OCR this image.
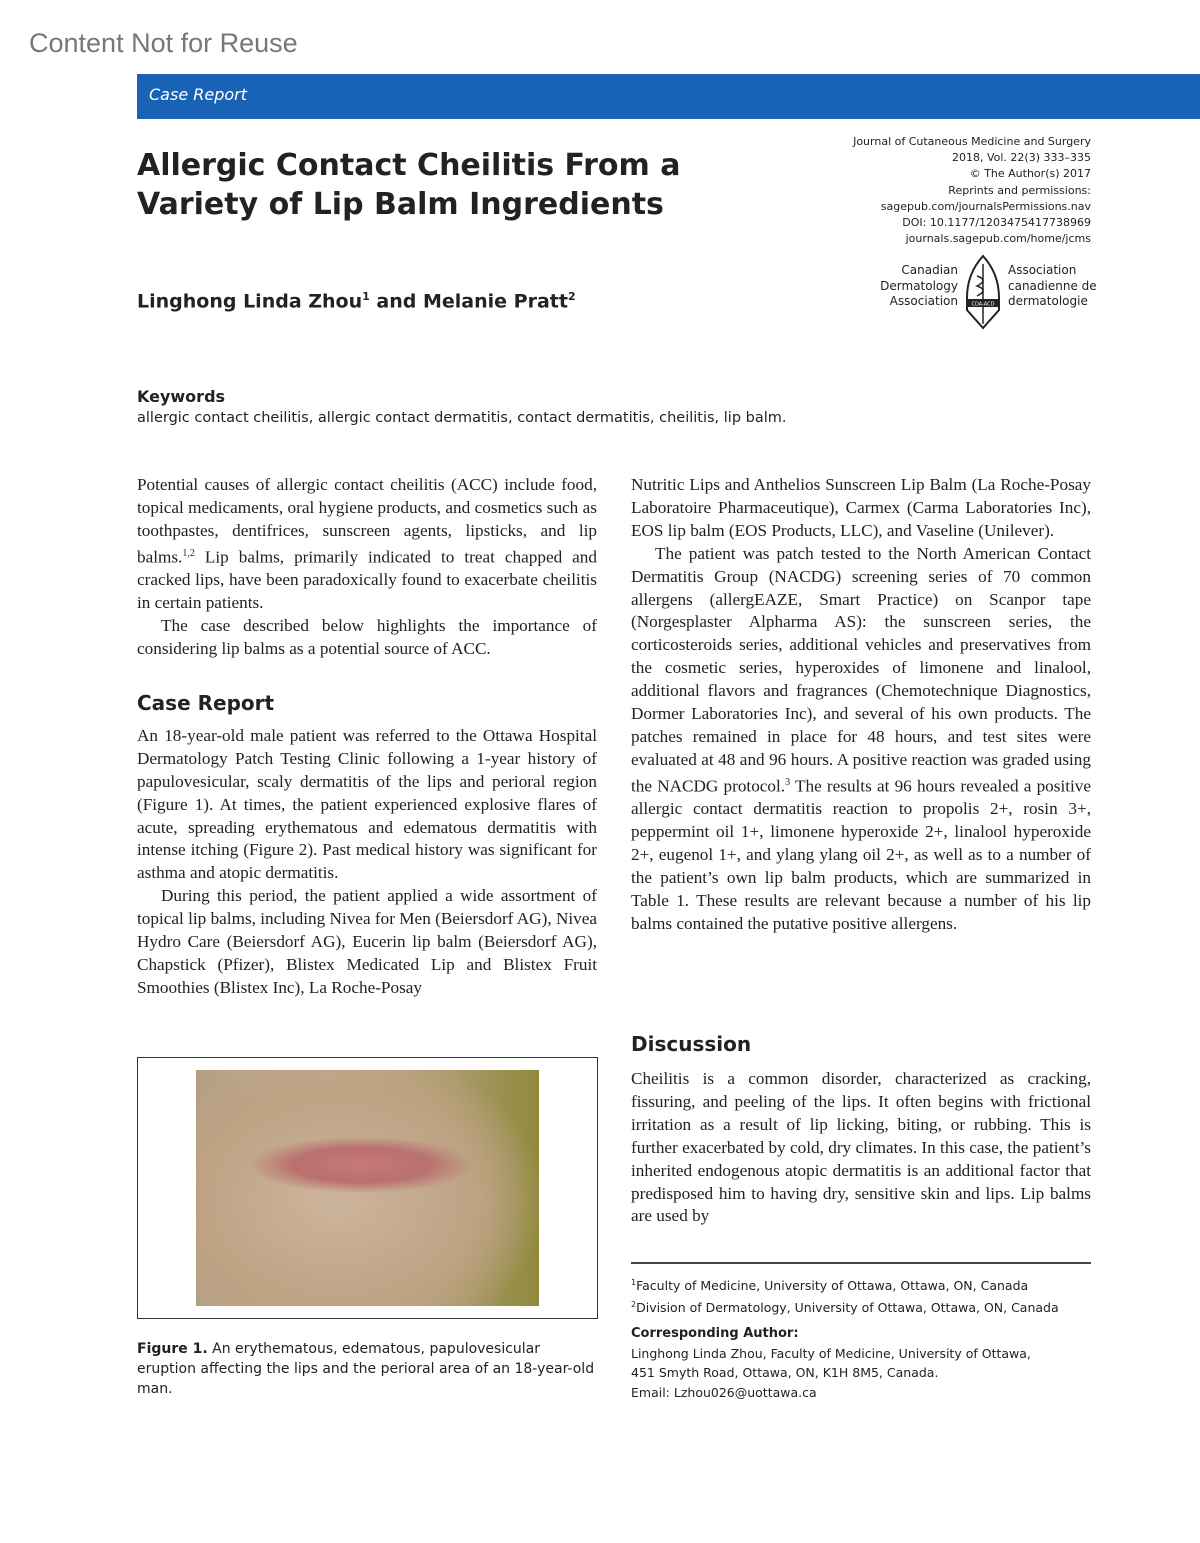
Content Not for Reuse
Case Report
Allergic Contact Cheilitis From a Variety of Lip Balm Ingredients
Linghong Linda Zhou$^1$ and Melanie Pratt$^2$
Journal of Cutaneous Medicine and Surgery
2018, Vol. 22(3) 333–335
© The Author(s) 2017
Reprints and permissions:
sagepub.com/journalsPermissions.nav
DOI: 10.1177/1203475417738969
journals.sagepub.com/home/jcms
Canadian
Dermatology
Association	CDA-ACD
Association
canadienne de
dermatologie
Keywords
allergic contact cheilitis, allergic contact dermatitis, contact dermatitis, cheilitis, lip balm.

Potential causes of allergic contact cheilitis (ACC) include food, topical medicaments, oral hygiene products, and cosmetics such as toothpastes, dentifrices, sunscreen agents, lipsticks, and lip balms.$^{1,2}$ Lip balms, primarily indicated to treat chapped and cracked lips, have been paradoxically found to exacerbate cheilitis in certain patients.

The case described below highlights the importance of considering lip balms as a potential source of ACC.

Case Report

An 18-year-old male patient was referred to the Ottawa Hospital Dermatology Patch Testing Clinic following a 1-year history of papulovesicular, scaly dermatitis of the lips and perioral region (Figure 1). At times, the patient experienced explosive flares of acute, spreading erythematous and edematous dermatitis with intense itching (Figure 2). Past medical history was significant for asthma and atopic dermatitis.

During this period, the patient applied a wide assortment of topical lip balms, including Nivea for Men (Beiersdorf AG), Nivea Hydro Care (Beiersdorf AG), Eucerin lip balm (Beiersdorf AG), Chapstick (Pfizer), Blistex Medicated Lip and Blistex Fruit Smoothies (Blistex Inc), La Roche-Posay

Nutritic Lips and Anthelios Sunscreen Lip Balm (La Roche-Posay Laboratoire Pharmaceutique), Carmex (Carma Laboratories Inc), EOS lip balm (EOS Products, LLC), and Vaseline (Unilever).

The patient was patch tested to the North American Contact Dermatitis Group (NACDG) screening series of 70 common allergens (allergEAZE, Smart Practice) on Scanpor tape (Norgesplaster Alpharma AS): the sunscreen series, the corticosteroids series, additional vehicles and preservatives from the cosmetic series, hyperoxides of limonene and linalool, additional flavors and fragrances (Chemotechnique Diagnostics, Dormer Laboratories Inc), and several of his own products. The patches remained in place for 48 hours, and test sites were evaluated at 48 and 96 hours. A positive reaction was graded using the NACDG protocol.$^3$ The results at 96 hours revealed a positive allergic contact dermatitis reaction to propolis 2+, rosin 3+, peppermint oil 1+, limonene hyperoxide 2+, linalool hyperoxide 2+, eugenol 1+, and ylang ylang oil 2+, as well as to a number of the patient’s own lip balm products, which are summarized in Table 1. These results are relevant because a number of his lip balms contained the putative positive allergens.

Discussion

Cheilitis is a common disorder, characterized as cracking, fissuring, and peeling of the lips. It often begins with frictional irritation as a result of lip licking, biting, or rubbing. This is further exacerbated by cold, dry climates. In this case, the patient’s inherited endogenous atopic dermatitis is an additional factor that predisposed him to having dry, sensitive skin and lips. Lip balms are used by

Figure 1. An erythematous, edematous, papulovesicular eruption affecting the lips and the perioral area of an 18-year-old man.
$^1$Faculty of Medicine, University of Ottawa, Ottawa, ON, Canada
$^2$Division of Dermatology, University of Ottawa, Ottawa, ON, Canada
Corresponding Author:
Linghong Linda Zhou, Faculty of Medicine, University of Ottawa,
451 Smyth Road, Ottawa, ON, K1H 8M5, Canada.
Email: Lzhou026@uottawa.ca
